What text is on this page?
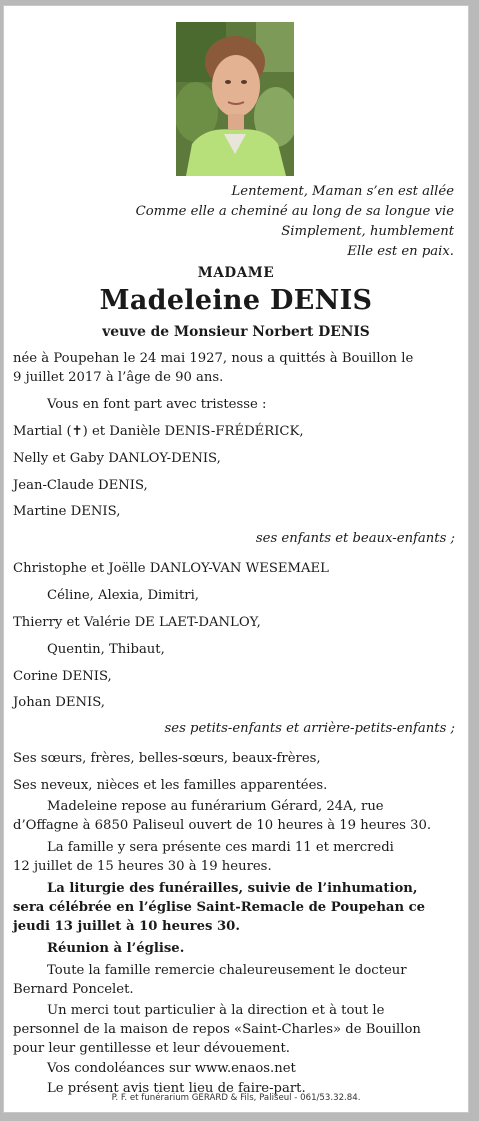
Lentement, Maman s’en est allée
Comme elle a cheminé au long de sa longue vie
Simplement, humblement
Elle est en paix.
MADAME
Madeleine DENIS
veuve de Monsieur Norbert DENIS
née à Poupehan le 24 mai 1927, nous a quittés à Bouillon le
9 juillet 2017 à l’âge de 90 ans.
Vous en font part avec tristesse :
Martial (✝) et Danièle DENIS-FRÉDÉRICK,
Nelly et Gaby DANLOY-DENIS,
Jean-Claude DENIS,
Martine DENIS,
ses enfants et beaux-enfants ;
Christophe et Joëlle DANLOY-VAN WESEMAEL
Céline, Alexia, Dimitri,
Thierry et Valérie DE LAET-DANLOY,
Quentin, Thibaut,
Corine DENIS,
Johan DENIS,
ses petits-enfants et arrière-petits-enfants ;
Ses sœurs, frères, belles-sœurs, beaux-frères,
Ses neveux, nièces et les familles apparentées.
Madeleine repose au funérarium Gérard, 24A, rue
d’Offagne à 6850 Paliseul ouvert de 10 heures à 19 heures 30.
La famille y sera présente ces mardi 11 et mercredi
12 juillet de 15 heures 30 à 19 heures.
La liturgie des funérailles, suivie de l’inhumation,
sera célébrée en l’église Saint-Remacle de Poupehan ce
jeudi 13 juillet à 10 heures 30.
Réunion à l’église.
Toute la famille remercie chaleureusement le docteur
Bernard Poncelet.
Un merci tout particulier à la direction et à tout le
personnel de la maison de repos «Saint-Charles» de Bouillon
pour leur gentillesse et leur dévouement.
Vos condoléances sur www.enaos.net
Le présent avis tient lieu de faire-part.
P. F. et funérarium GERARD & Fils, Paliseul - 061/53.32.84.
